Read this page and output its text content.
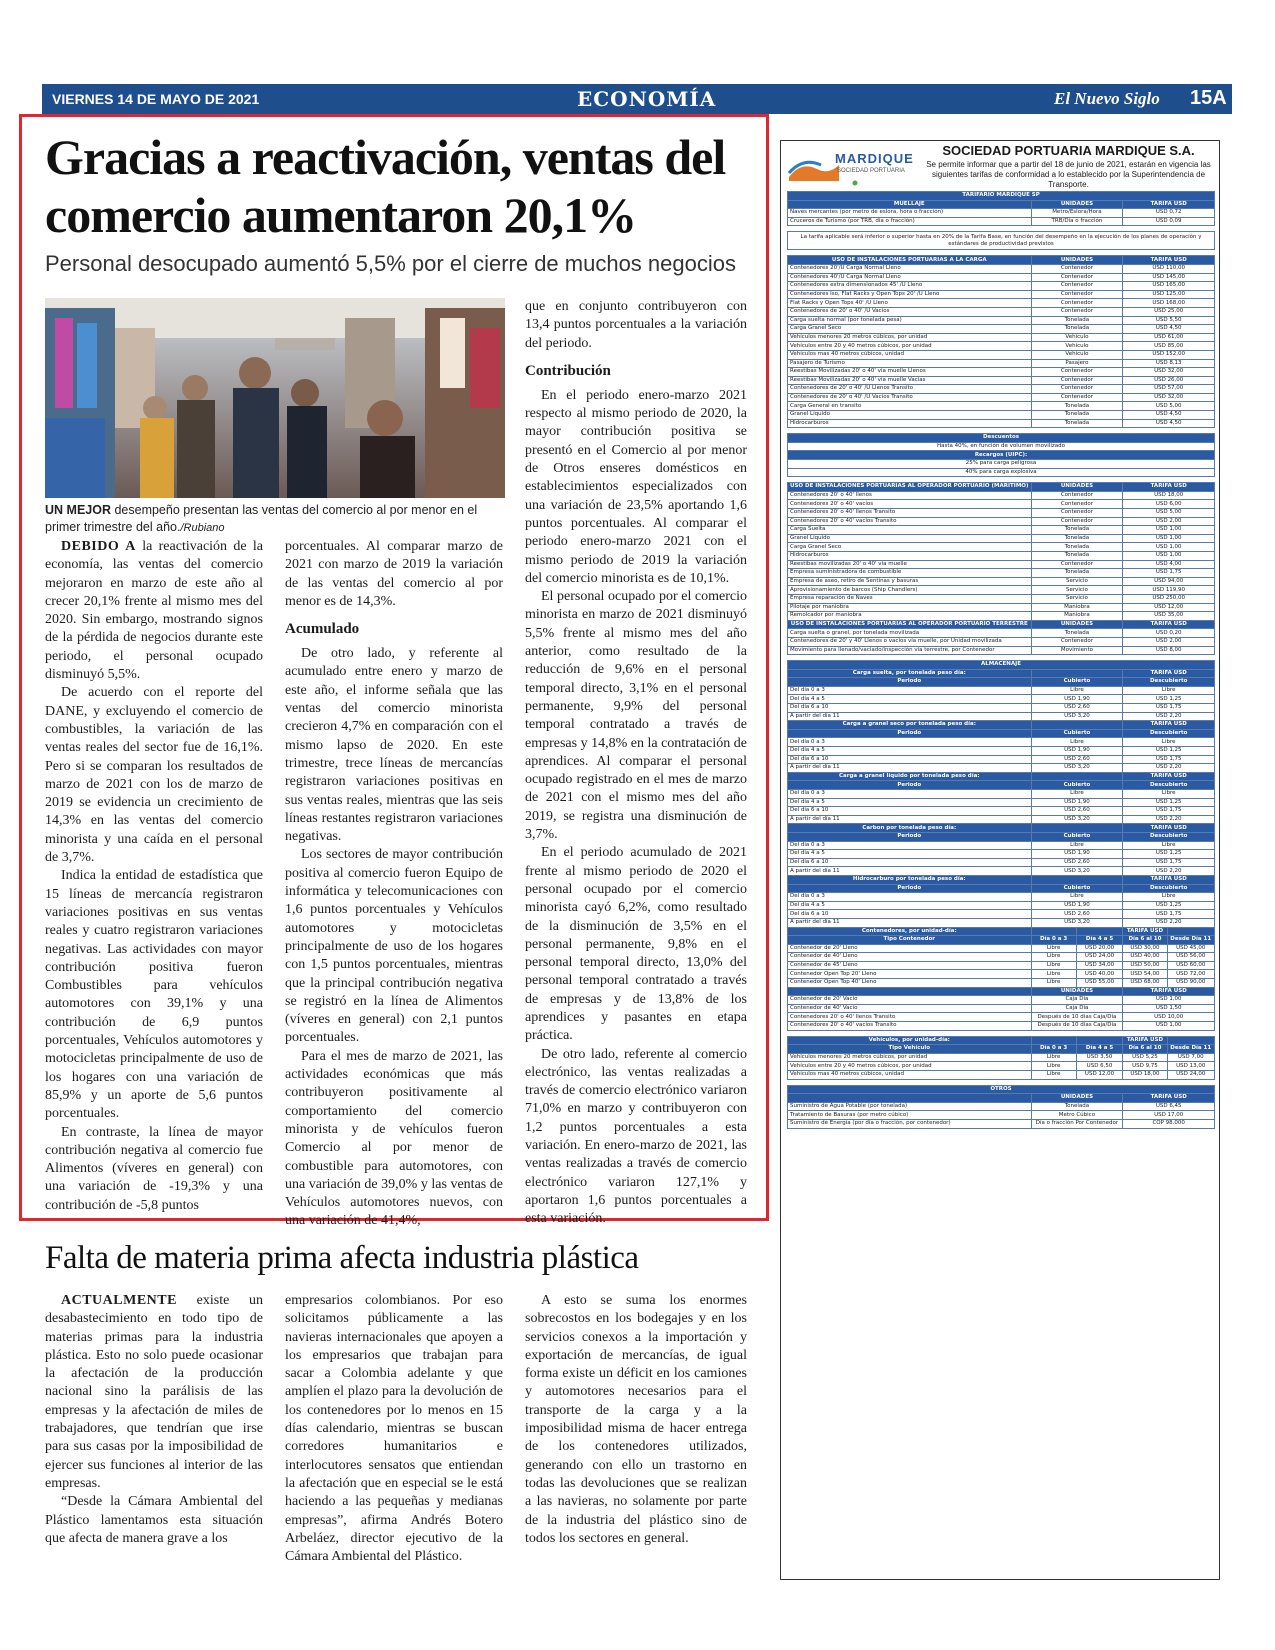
VIERNES 14 DE MAYO DE 2021	ECONOMÍA	El Nuevo Siglo 15A
Gracias a reactivación, ventas del comercio aumentaron 20,1%
Personal desocupado aumentó 5,5% por el cierre de muchos negocios
UN MEJOR desempeño presentan las ventas del comercio al por menor en el primer trimestre del año./Rubiano

DEBIDO A la reactivación de la economía, las ventas del comercio mejoraron en marzo de este año al crecer 20,1% frente al mismo mes del 2020. Sin embargo, mostrando signos de la pérdida de negocios durante este periodo, el personal ocupado disminuyó 5,5%.

De acuerdo con el reporte del DANE, y excluyendo el comercio de combustibles, la variación de las ventas reales del sector fue de 16,1%. Pero si se comparan los resultados de marzo de 2021 con los de marzo de 2019 se evidencia un crecimiento de 14,3% en las ventas del comercio minorista y una caída en el personal de 3,7%.

Indica la entidad de estadística que 15 líneas de mercancía registraron variaciones positivas en sus ventas reales y cuatro registraron variaciones negativas. Las actividades con mayor contribución positiva fueron Combustibles para vehículos automotores con 39,1% y una contribución de 6,9 puntos porcentuales, Vehículos automotores y motocicletas principalmente de uso de los hogares con una variación de 85,9% y un aporte de 5,6 puntos porcentuales.

En contraste, la línea de mayor contribución negativa al comercio fue Alimentos (víveres en general) con una variación de -19,3% y una contribución de -5,8 puntos

porcentuales. Al comparar marzo de 2021 con marzo de 2019 la variación de las ventas del comercio al por menor es de 14,3%.

Acumulado

De otro lado, y referente al acumulado entre enero y marzo de este año, el informe señala que las ventas del comercio minorista crecieron 4,7% en comparación con el mismo lapso de 2020. En este trimestre, trece líneas de mercancías registraron variaciones positivas en sus ventas reales, mientras que las seis líneas restantes registraron variaciones negativas.

Los sectores de mayor contribución positiva al comercio fueron Equipo de informática y telecomunicaciones con 1,6 puntos porcentuales y Vehículos automotores y motocicletas principalmente de uso de los hogares con 1,5 puntos porcentuales, mientras que la principal contribución negativa se registró en la línea de Alimentos (víveres en general) con 2,1 puntos porcentuales.

Para el mes de marzo de 2021, las actividades económicas que más contribuyeron positivamente al comportamiento del comercio minorista y de vehículos fueron Comercio al por menor de combustible para automotores, con una variación de 39,0% y las ventas de Vehículos automotores nuevos, con una variación de 41,4%,

que en conjunto contribuyeron con 13,4 puntos porcentuales a la variación del periodo.

Contribución

En el periodo enero-marzo 2021 respecto al mismo periodo de 2020, la mayor contribución positiva se presentó en el Comercio al por menor de Otros enseres domésticos en establecimientos especializados con una variación de 23,5% aportando 1,6 puntos porcentuales. Al comparar el periodo enero-marzo 2021 con el mismo periodo de 2019 la variación del comercio minorista es de 10,1%.

El personal ocupado por el comercio minorista en marzo de 2021 disminuyó 5,5% frente al mismo mes del año anterior, como resultado de la reducción de 9,6% en el personal temporal directo, 3,1% en el personal permanente, 9,9% del personal temporal contratado a través de empresas y 14,8% en la contratación de aprendices. Al comparar el personal ocupado registrado en el mes de marzo de 2021 con el mismo mes del año 2019, se registra una disminución de 3,7%.

En el periodo acumulado de 2021 frente al mismo periodo de 2020 el personal ocupado por el comercio minorista cayó 6,2%, como resultado de la disminución de 3,5% en el personal permanente, 9,8% en el personal temporal directo, 13,0% del personal temporal contratado a través de empresas y de 13,8% de los aprendices y pasantes en etapa práctica.

De otro lado, referente al comercio electrónico, las ventas realizadas a través de comercio electrónico variaron 71,0% en marzo y contribuyeron con 1,2 puntos porcentuales a esta variación. En enero-marzo de 2021, las ventas realizadas a través de comercio electrónico variaron 127,1% y aportaron 1,6 puntos porcentuales a esta variación.

Falta de materia prima afecta industria plástica

ACTUALMENTE existe un desabastecimiento en todo tipo de materias primas para la industria plástica. Esto no solo puede ocasionar la afectación de la producción nacional sino la parálisis de las empresas y la afectación de miles de trabajadores, que tendrían que irse para sus casas por la imposibilidad de ejercer sus funciones al interior de las empresas.

“Desde la Cámara Ambiental del Plástico lamentamos esta situación que afecta de manera grave a los

empresarios colombianos. Por eso solicitamos públicamente a las navieras internacionales que apoyen a los empresarios que trabajan para sacar a Colombia adelante y que amplíen el plazo para la devolución de los contenedores por lo menos en 15 días calendario, mientras se buscan corredores humanitarios e interlocutores sensatos que entiendan la afectación que en especial se le está haciendo a las pequeñas y medianas empresas”, afirma Andrés Botero Arbeláez, director ejecutivo de la Cámara Ambiental del Plástico.

A esto se suma los enormes sobrecostos en los bodegajes y en los servicios conexos a la importación y exportación de mercancías, de igual forma existe un déficit en los camiones y automotores necesarios para el transporte de la carga y a la imposibilidad misma de hacer entrega de los contenedores utilizados, generando con ello un trastorno en todas las devoluciones que se realizan a las navieras, no solamente por parte de la industria del plástico sino de todos los sectores en general.

MARDIQUE
SOCIEDAD PORTUARIA
SOCIEDAD PORTUARIA MARDIQUE S.A.
Se permite informar que a partir del 18 de junio de 2021, estarán en vigencia las siguientes tarifas de conformidad a lo establecido por la Superintendencia de Transporte.
TARIFARIO MARDIQUE SP				
MUELLAJE	UNIDADES		TARIFA USD	
Naves mercantes (por metro de eslora, hora o fracción)	Metro/Eslora/Hora		USD 0,72	
Cruceros de Turismo (por TRB, día o fracción)	TRB/Día o fracción		USD 0,09	

La tarifa aplicable será inferior o superior hasta en 20% de la Tarifa Base, en función del desempeño en la ejecución de los planes de operación y estándares de productividad previstos				

USO DE INSTALACIONES PORTUARIAS A LA CARGA	UNIDADES		TARIFA USD	
Contenedores 20'/U Carga Normal Lleno	Contenedor		USD 110,00	
Contenedores 40'/U Carga Normal Lleno	Contenedor		USD 145,00	
Contenedores extra dimensionados 45' /U Lleno	Contenedor		USD 165,00	
Contenedores Iso, Flat Racks y Open Tops 20' /U Lleno	Contenedor		USD 125,00	
Flat Racks y Open Tops 40' /U Lleno	Contenedor		USD 168,00	
Contenedores de 20' o 40' /U Vacíos	Contenedor		USD 25,00	
Carga suelta normal (por tonelada pesa)	Tonelada		USD 5,50	
Carga Granel Seco	Tonelada		USD 4,50	
Vehículos menores 20 metros cúbicos, por unidad	Vehículo		USD 61,00	
Vehículos entre 20 y 40 metros cúbicos, por unidad	Vehículo		USD 85,00	
Vehículos mas 40 metros cúbicos, unidad	Vehículo		USD 152,00	
Pasajero de Turismo	Pasajero		USD 8,13	
Reestibas Movilizadas 20' o 40' vía muelle Llenos	Contenedor		USD 32,00	
Reestibas Movilizadas 20' o 40' vía muelle Vacías	Contenedor		USD 26,00	
Contenedores de 20' o 40' /U Llenos Transito	Contenedor		USD 57,00	
Contenedores de 20' o 40' /U Vacíos Transito	Contenedor		USD 32,00	
Carga General en transito	Tonelada		USD 5,00	
Granel Líquido	Tonelada		USD 4,50	
Hidrocarburos	Tonelada		USD 4,50	

Descuentos				
Hasta 40%, en función de volumen movilizado				
Recargos (UIPC):				
25% para carga peligrosa				
40% para carga explosiva				

USO DE INSTALACIONES PORTUARIAS AL OPERADOR PORTUARIO (MARITIMO)	UNIDADES		TARIFA USD	
Contenedores 20' o 40' llenos	Contenedor		USD 18,00	
Contenedores 20' o 40' vacíos	Contenedor		USD 6,00	
Contenedores 20' o 40' llenos Transito	Contenedor		USD 5,00	
Contenedores 20' o 40' vacíos Transito	Contenedor		USD 2,00	
Carga Suelta	Tonelada		USD 1,00	
Granel Líquido	Tonelada		USD 1,00	
Carga Granel Seco	Tonelada		USD 1,00	
Hidrocarburos	Tonelada		USD 1,00	
Reestibas movilizadas 20' o 40' vía muelle	Contenedor		USD 4,00	
Empresa suministradora de combustible	Tonelada		USD 1,75	
Empresa de aseo, retiro de Sentinas y basuras	Servicio		USD 94,00	
Aprovisionamiento de barcos (Ship Chandlers)	Servicio		USD 119,90	
Empresa reparación de Naves	Servicio		USD 250,00	
Pilotaje por maniobra	Maniobra		USD 12,00	
Remolcador por maniobra	Maniobra		USD 35,00	
USO DE INSTALACIONES PORTUARIAS AL OPERADOR PORTUARIO TERRESTRE	UNIDADES		TARIFA USD	
Carga suelta o granel, por tonelada movilizada	Tonelada		USD 0,20	
Contenedores de 20' y 40' Llenos o vacíos vía muelle, por Unidad movilizada	Contenedor		USD 2,00	
Movimiento para llenado/vaciado/inspección vía terrestre, por Contenedor	Movimiento		USD 8,00	

ALMACENAJE				
Carga suelta, por tonelada peso día:			TARIFA USD	
Periodo	Cubierto		Descubierto	
Del día 0 a 3	Libre		Libre	
Del día 4 a 5	USD 1,90		USD 1,25	
Del día 6 a 10	USD 2,60		USD 1,75	
A partir del día 11	USD 3,20		USD 2,20	
Carga a granel seco por tonelada peso día:			TARIFA USD	
Periodo	Cubierto		Descubierto	
Del día 0 a 3	Libre		Libre	
Del día 4 a 5	USD 1,90		USD 1,25	
Del día 6 a 10	USD 2,60		USD 1,75	
A partir del día 11	USD 3,20		USD 2,20	
Carga a granel líquido por tonelada peso día:			TARIFA USD	
Periodo	Cubierto		Descubierto	
Del día 0 a 3	Libre		Libre	
Del día 4 a 5	USD 1,90		USD 1,25	
Del día 6 a 10	USD 2,60		USD 1,75	
A partir del día 11	USD 3,20		USD 2,20	
Carbon por tonelada peso día:			TARIFA USD	
Periodo	Cubierto		Descubierto	
Del día 0 a 3	Libre		Libre	
Del día 4 a 5	USD 1,90		USD 1,25	
Del día 6 a 10	USD 2,60		USD 1,75	
A partir del día 11	USD 3,20		USD 2,20	
Hidrocarburo por tonelada peso día:			TARIFA USD	
Periodo	Cubierto		Descubierto	
Del día 0 a 3	Libre		Libre	
Del día 4 a 5	USD 1,90		USD 1,25	
Del día 6 a 10	USD 2,60		USD 1,75	
A partir del día 11	USD 3,20		USD 2,20	
Contenedores, por unidad-día:			TARIFA USD	
Tipo Contenedor	Día 0 a 3	Día 4 a 5	Día 6 al 10	Desde Día 11
Contenedor de 20' Lleno	Libre	USD 20,00	USD 30,00	USD 45,00
Contenedor de 40' Lleno	Libre	USD 24,00	USD 40,00	USD 56,00
Contenedor de 45' Lleno	Libre	USD 34,00	USD 50,00	USD 60,00
Contenedor Open Top 20' Lleno	Libre	USD 40,00	USD 54,00	USD 72,00
Contenedor Open Top 40' Lleno	Libre	USD 55,00	USD 68,00	USD 90,00
	UNIDADES		TARIFA USD	
Contenedor de 20' Vacío	Caja Día		USD 1,00	
Contenedor de 40' Vacío	Caja Día		USD 1,50	
Contenedores 20' o 40' llenos Transito	Después de 10 días Caja/Día		USD 10,00	
Contenedores 20' o 40' vacíos Transito	Después de 10 días Caja/Día		USD 1,00	

Vehículos, por unidad-día:			TARIFA USD	
Tipo Vehículo	Día 0 a 3	Día 4 a 5	Día 6 al 10	Desde Día 11
Vehículos menores 20 metros cúbicos, por unidad	Libre	USD 3,50	USD 5,25	USD 7,00
Vehículos entre 20 y 40 metros cúbicos, por unidad	Libre	USD 6,50	USD 9,75	USD 13,00
Vehículos mas 40 metros cúbicos, unidad	Libre	USD 12,00	USD 18,00	USD 24,00

OTROS				
	UNIDADES		TARIFA USD	
Suministro de Agua Potable (por tonelada)	Tonelada		USD 6,45	
Tratamiento de Basuras (por metro cúbico)	Metro Cúbico		USD 17,00	
Suministro de Energía (por día o fracción, por contenedor)	Día o fracción Por Contenedor		COP 98.000	
